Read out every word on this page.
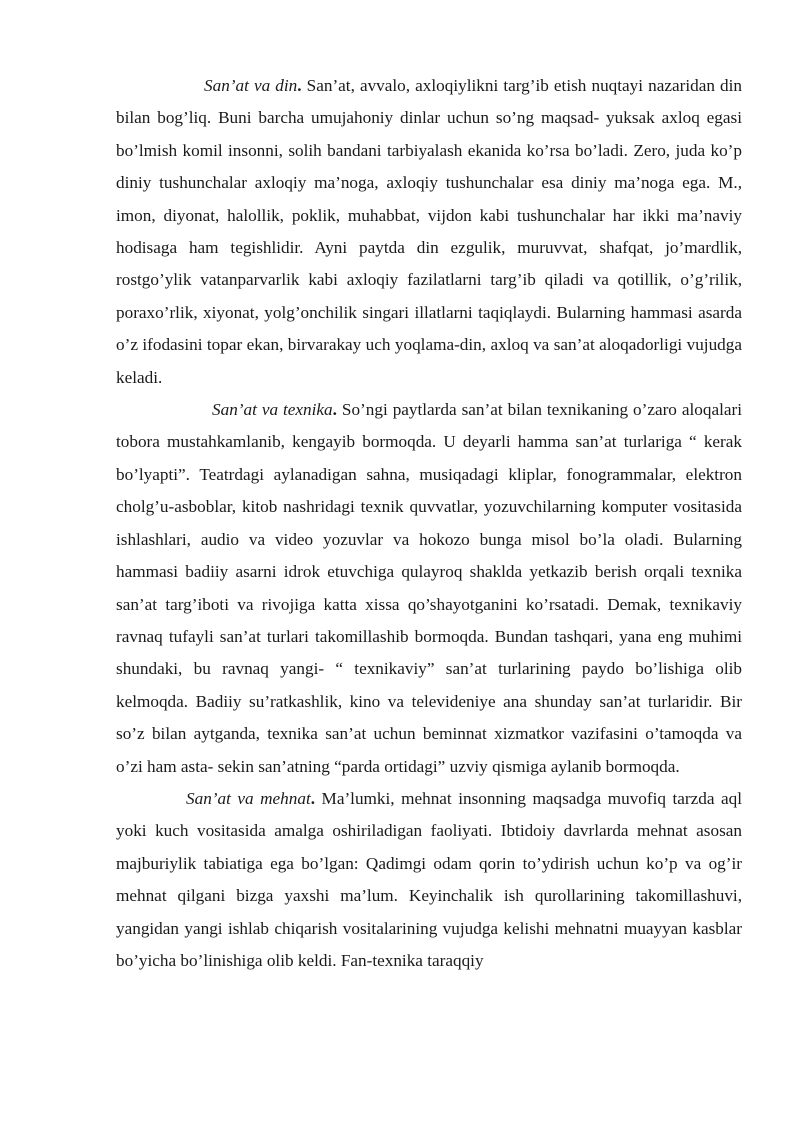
San’at va din. San’at, avvalo, axloqiylikni targ’ib etish nuqtayi nazaridan din bilan bog’liq. Buni barcha umujahoniy dinlar uchun so’ng maqsad- yuksak axloq egasi bo’lmish komil insonni, solih bandani tarbiyalash ekanida ko’rsa bo’ladi. Zero, juda ko’p diniy tushunchalar axloqiy ma’noga, axloqiy tushunchalar esa diniy ma’noga ega. M., imon, diyonat, halollik, poklik, muhabbat, vijdon kabi tushunchalar har ikki ma’naviy hodisaga ham tegishlidir. Ayni paytda din ezgulik, muruvvat, shafqat, jo’mardlik, rostgo’ylik vatanparvarlik kabi axloqiy fazilatlarni targ’ib qiladi va qotillik, o’g’rilik, poraxo’rlik, xiyonat, yolg’onchilik singari illatlarni taqiqlaydi. Bularning hammasi asarda o’z ifodasini topar ekan, birvarakay uch yoqlama-din, axloq va san’at aloqadorligi vujudga keladi.

San’at va texnika. So’ngi paytlarda san’at bilan texnikaning o’zaro aloqalari tobora mustahkamlanib, kengayib bormoqda. U deyarli hamma san’at turlariga “ kerak bo’lyapti”. Teatrdagi aylanadigan sahna, musiqadagi kliplar, fonogrammalar, elektron cholg’u-asboblar, kitob nashridagi texnik quvvatlar, yozuvchilarning komputer vositasida ishlashlari, audio va video yozuvlar va hokozo bunga misol bo’la oladi. Bularning hammasi badiiy asarni idrok etuvchiga qulayroq shaklda yetkazib berish orqali texnika san’at targ’iboti va rivojiga katta xissa qo’shayotganini ko’rsatadi. Demak, texnikaviy ravnaq tufayli san’at turlari takomillashib bormoqda. Bundan tashqari, yana eng muhimi shundaki, bu ravnaq yangi- “ texnikaviy” san’at turlarining paydo bo’lishiga olib kelmoqda. Badiiy su’ratkashlik, kino va televideniye ana shunday san’at turlaridir. Bir so’z bilan aytganda, texnika san’at uchun beminnat xizmatkor vazifasini o’tamoqda va o’zi ham asta- sekin san’atning “parda ortidagi” uzviy qismiga aylanib bormoqda.

San’at va mehnat. Ma’lumki, mehnat insonning maqsadga muvofiq tarzda aql yoki kuch vositasida amalga oshiriladigan faoliyati. Ibtidoiy davrlarda mehnat asosan majburiylik tabiatiga ega bo’lgan: Qadimgi odam qorin to’ydirish uchun ko’p va og’ir mehnat qilgani bizga yaxshi ma’lum. Keyinchalik ish qurollarining takomillashuvi, yangidan yangi ishlab chiqarish vositalarining vujudga kelishi mehnatni muayyan kasblar bo’yicha bo’linishiga olib keldi. Fan-texnika taraqqiy
